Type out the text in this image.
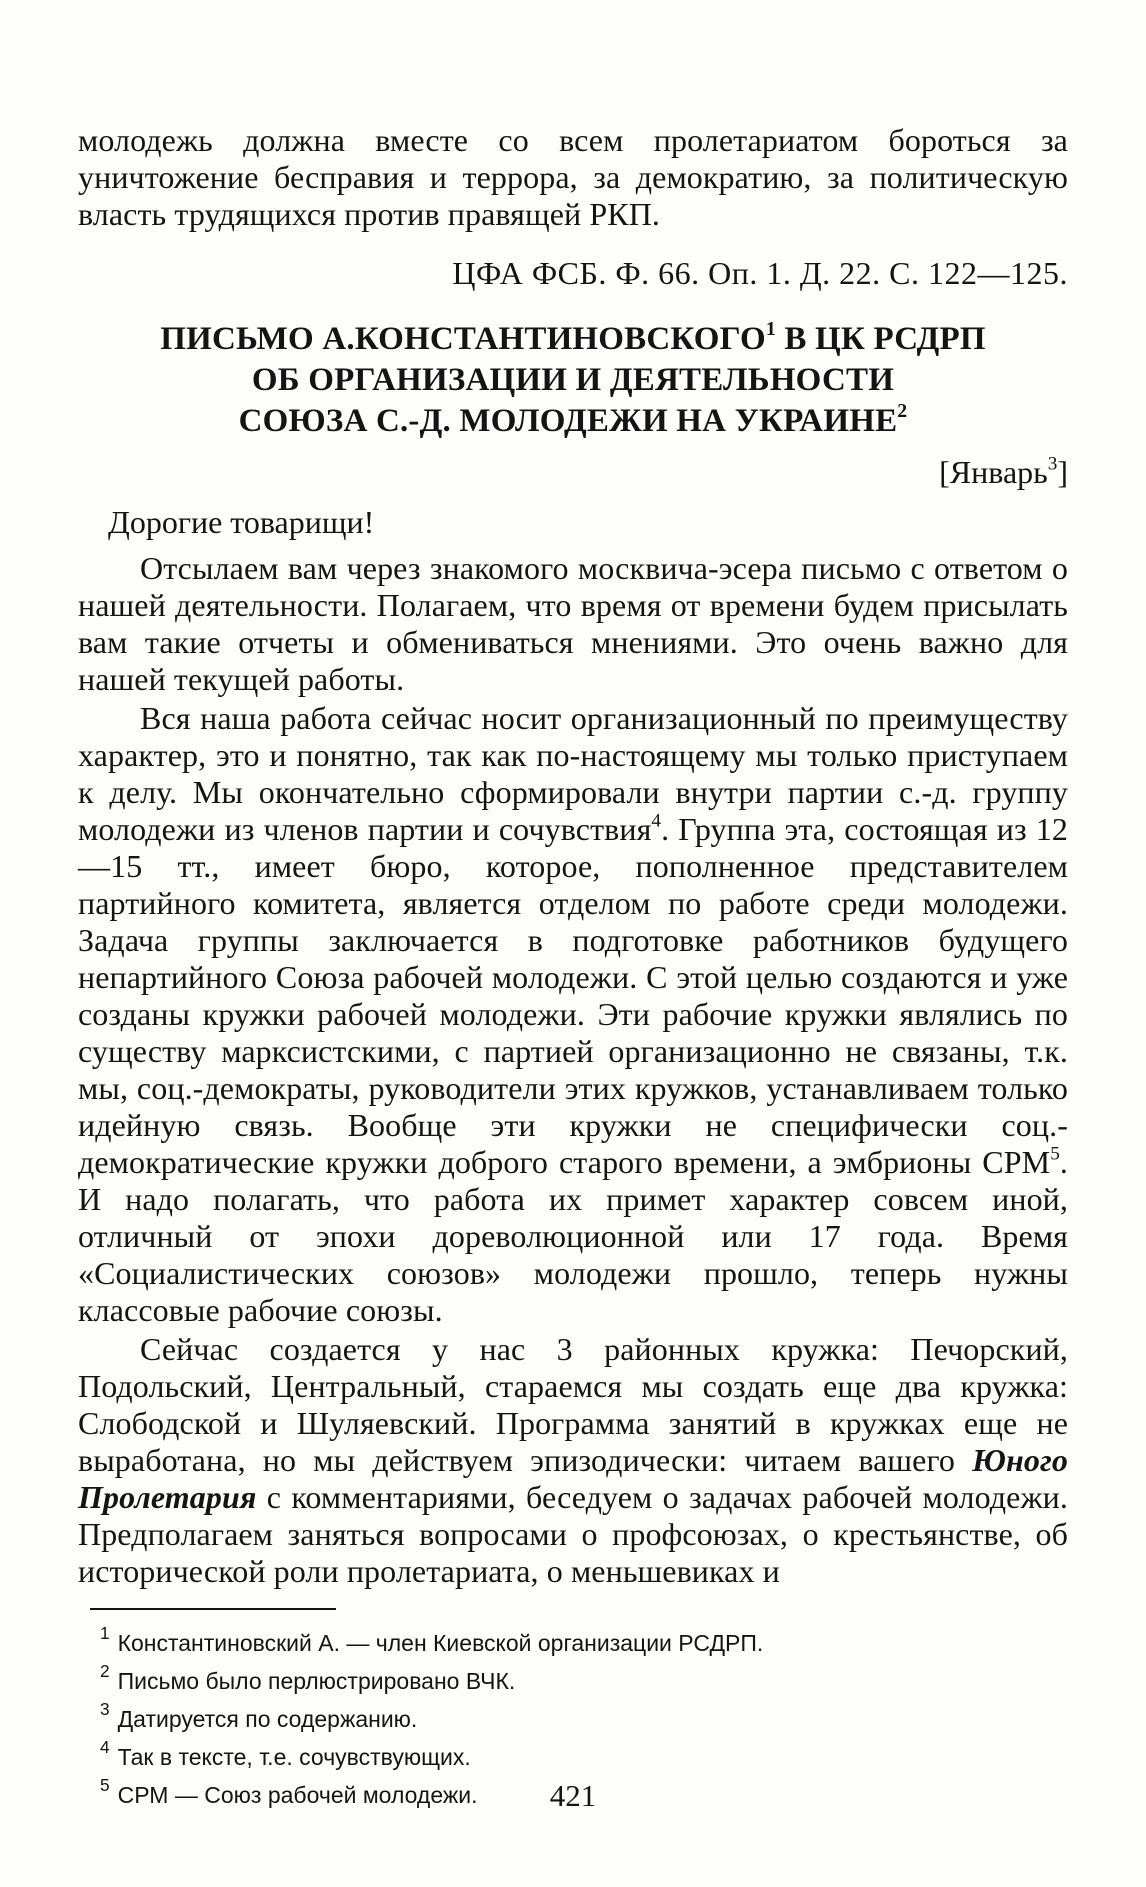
молодежь должна вместе со всем пролетариатом бороться за уничтожение бесправия и террора, за демократию, за политическую власть трудящихся против правящей РКП.

ЦФА ФСБ. Ф. 66. Оп. 1. Д. 22. С. 122—125.

ПИСЬМО А.КОНСТАНТИНОВСКОГО$^1$ В ЦК РСДРП
ОБ ОРГАНИЗАЦИИ И ДЕЯТЕЛЬНОСТИ
СОЮЗА С.-Д. МОЛОДЕЖИ НА УКРАИНЕ$^2$

[Январь$^3$]

Дорогие товарищи!

Отсылаем вам через знакомого москвича-эсера письмо с ответом о нашей деятельности. Полагаем, что время от времени будем присылать вам такие отчеты и обмениваться мнениями. Это очень важно для нашей текущей работы.

Вся наша работа сейчас носит организационный по преимуществу характер, это и понятно, так как по-настоящему мы только приступаем к делу. Мы окончательно сформировали внутри партии с.-д. группу молодежи из членов партии и сочувствия$^4$. Группа эта, состоящая из 12—15 тт., имеет бюро, которое, пополненное представителем партийного комитета, является отделом по работе среди молодежи. Задача группы заключается в подготовке работников будущего непартийного Союза рабочей молодежи. С этой целью создаются и уже созданы кружки рабочей молодежи. Эти рабочие кружки являлись по существу марксистскими, с партией организационно не связаны, т.к. мы, соц.-демократы, руководители этих кружков, устанавливаем только идейную связь. Вообще эти кружки не специфически соц.-демократические кружки доброго старого времени, а эмбрионы СРМ$^5$. И надо полагать, что работа их примет характер совсем иной, отличный от эпохи дореволюционной или 17 года. Время «Социалистических союзов» молодежи прошло, теперь нужны классовые рабочие союзы.

Сейчас создается у нас 3 районных кружка: Печорский, Подольский, Центральный, стараемся мы создать еще два кружка: Слободской и Шуляевский. Программа занятий в кружках еще не выработана, но мы действуем эпизодически: читаем вашего Юного Пролетария с комментариями, беседуем о задачах рабочей молодежи. Предполагаем заняться вопросами о профсоюзах, о крестьянстве, об исторической роли пролетариата, о меньшевиках и

$^1$ Константиновский А. — член Киевской организации РСДРП.

$^2$ Письмо было перлюстрировано ВЧК.

$^3$ Датируется по содержанию.

$^4$ Так в тексте, т.е. сочувствующих.

$^5$ СРМ — Союз рабочей молодежи.	421
